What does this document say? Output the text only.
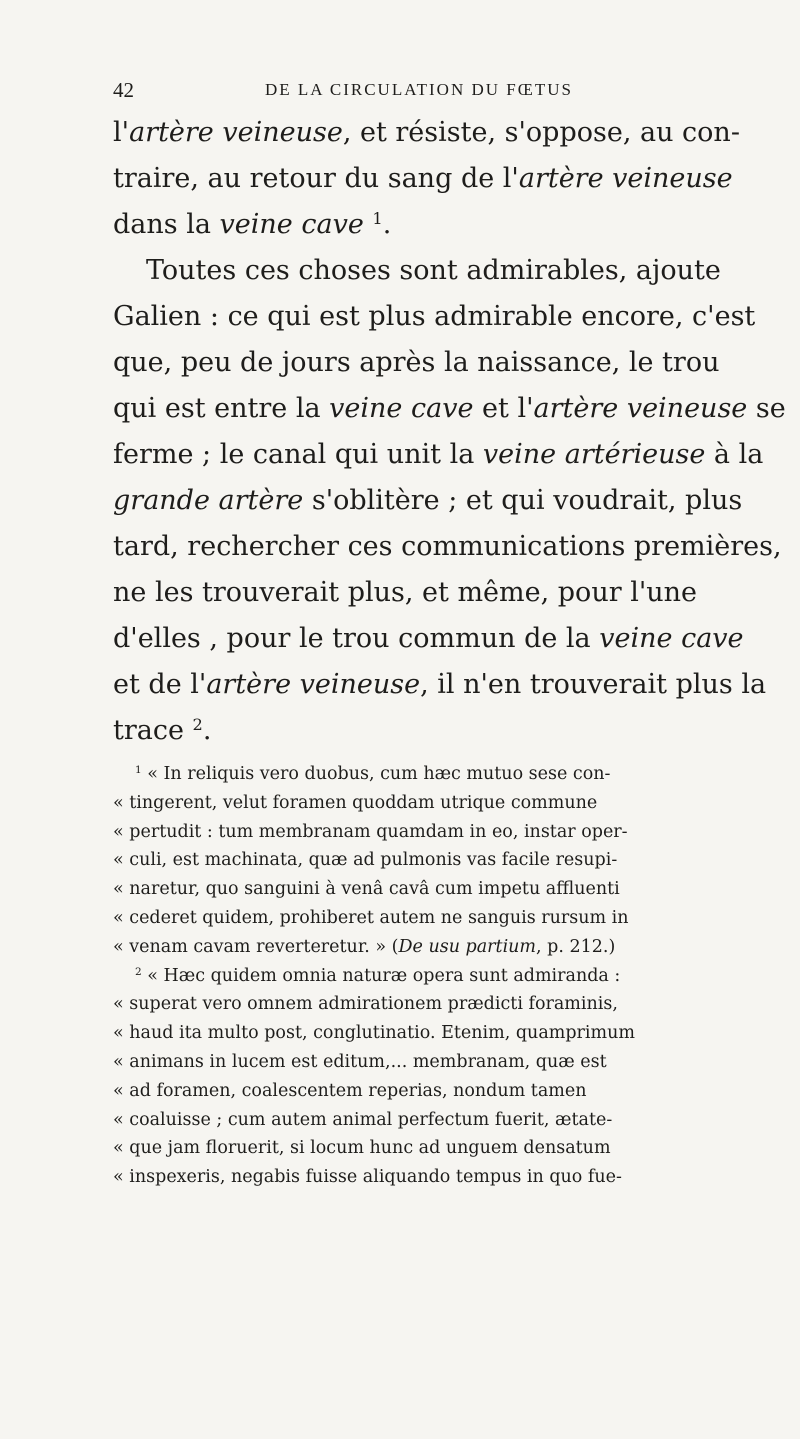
42	DE LA CIRCULATION DU FŒTUS
l'artère veineuse, et résiste, s'oppose, au con-
traire, au retour du sang de l'artère veineuse
dans la veine cave $^1$.
Toutes ces choses sont admirables, ajoute
Galien : ce qui est plus admirable encore, c'est
que, peu de jours après la naissance, le trou
qui est entre la veine cave et l'artère veineuse se
ferme ; le canal qui unit la veine artérieuse à la
grande artère s'oblitère ; et qui voudrait, plus
tard, rechercher ces communications premières,
ne les trouverait plus, et même, pour l'une
d'elles , pour le trou commun de la veine cave
et de l'artère veineuse, il n'en trouverait plus la
trace $^2$.
$^1$ « In reliquis vero duobus, cum hæc mutuo sese con-
« tingerent, velut foramen quoddam utrique commune
« pertudit : tum membranam quamdam in eo, instar oper-
« culi, est machinata, quæ ad pulmonis vas facile resupi-
« naretur, quo sanguini à venâ cavâ cum impetu affluenti
« cederet quidem, prohiberet autem ne sanguis rursum in
« venam cavam reverteretur. » (De usu partium, p. 212.)
$^2$ « Hæc quidem omnia naturæ opera sunt admiranda :
« superat vero omnem admirationem prædicti foraminis,
« haud ita multo post, conglutinatio. Etenim, quamprimum
« animans in lucem est editum,... membranam, quæ est
« ad foramen, coalescentem reperias, nondum tamen
« coaluisse ; cum autem animal perfectum fuerit, ætate-
« que jam floruerit, si locum hunc ad unguem densatum
« inspexeris, negabis fuisse aliquando tempus in quo fue-
